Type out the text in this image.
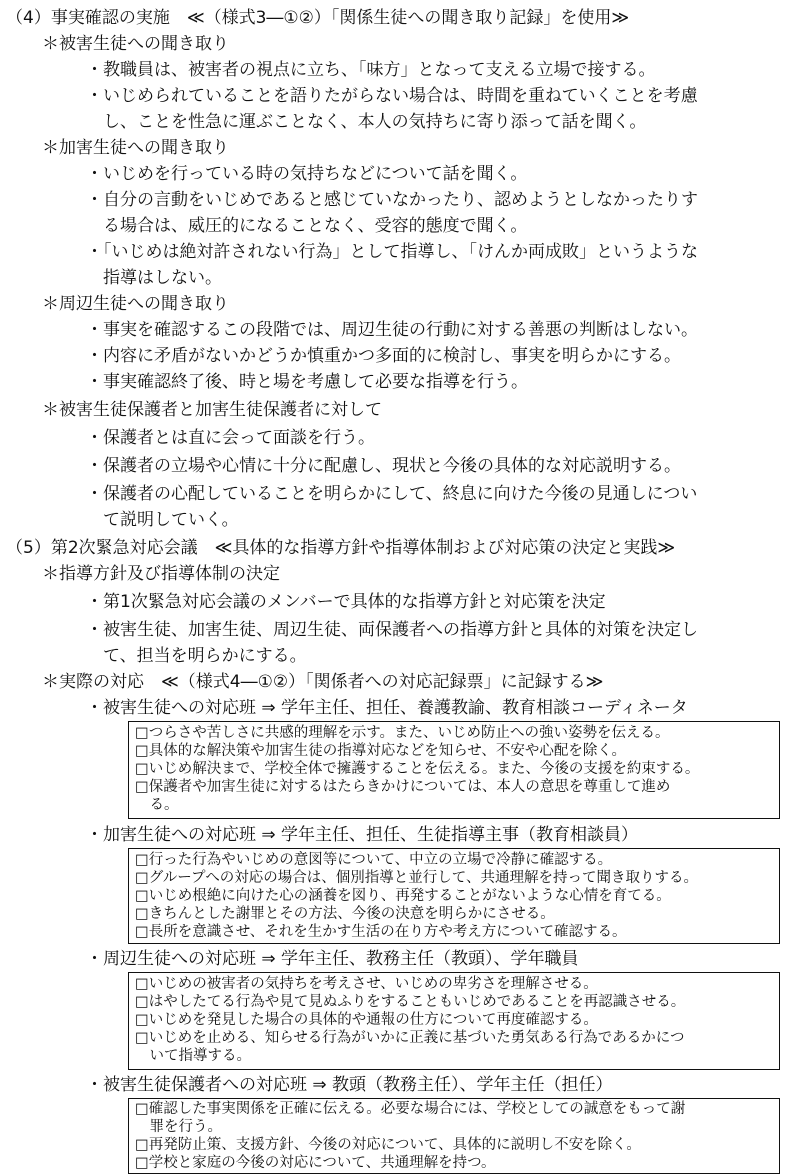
（4）事実確認の実施　≪（様式3―①②）「関係生徒への聞き取り記録」を使用≫
＊被害生徒への聞き取り
・教職員は、被害者の視点に立ち、「味方」となって支える立場で接する。
・いじめられていることを語りたがらない場合は、時間を重ねていくことを考慮
し、ことを性急に運ぶことなく、本人の気持ちに寄り添って話を聞く。
＊加害生徒への聞き取り
・いじめを行っている時の気持ちなどについて話を聞く。
・自分の言動をいじめであると感じていなかったり、認めようとしなかったりす
る場合は、威圧的になることなく、受容的態度で聞く。
・「いじめは絶対許されない行為」として指導し、「けんか両成敗」というような
指導はしない。
＊周辺生徒への聞き取り
・事実を確認するこの段階では、周辺生徒の行動に対する善悪の判断はしない。
・内容に矛盾がないかどうか慎重かつ多面的に検討し、事実を明らかにする。
・事実確認終了後、時と場を考慮して必要な指導を行う。
＊被害生徒保護者と加害生徒保護者に対して
・保護者とは直に会って面談を行う。
・保護者の立場や心情に十分に配慮し、現状と今後の具体的な対応説明する。
・保護者の心配していることを明らかにして、終息に向けた今後の見通しについ
て説明していく。
（5）第2次緊急対応会議　≪具体的な指導方針や指導体制および対応策の決定と実践≫
＊指導方針及び指導体制の決定
・第1次緊急対応会議のメンバーで具体的な指導方針と対応策を決定
・被害生徒、加害生徒、周辺生徒、両保護者への指導方針と具体的対策を決定し
て、担当を明らかにする。
＊実際の対応　≪（様式4―①②）「関係者への対応記録票」に記録する≫
・被害生徒への対応班 ⇒ 学年主任、担任、養護教諭、教育相談コーディネータ
□つらさや苦しさに共感的理解を示す。また、いじめ防止への強い姿勢を伝える。
□具体的な解決策や加害生徒の指導対応などを知らせ、不安や心配を除く。
□いじめ解決まで、学校全体で擁護することを伝える。また、今後の支援を約束する。
□保護者や加害生徒に対するはたらきかけについては、本人の意思を尊重して進め
　る。
・加害生徒への対応班 ⇒ 学年主任、担任、生徒指導主事（教育相談員）
□行った行為やいじめの意図等について、中立の立場で冷静に確認する。
□グループへの対応の場合は、個別指導と並行して、共通理解を持って聞き取りする。
□いじめ根絶に向けた心の涵養を図り、再発することがないような心情を育てる。
□きちんとした謝罪とその方法、今後の決意を明らかにさせる。
□長所を意識させ、それを生かす生活の在り方や考え方について確認する。
・周辺生徒への対応班 ⇒ 学年主任、教務主任（教頭）、学年職員
□いじめの被害者の気持ちを考えさせ、いじめの卑劣さを理解させる。
□はやしたてる行為や見て見ぬふりをすることもいじめであることを再認識させる。
□いじめを発見した場合の具体的や通報の仕方について再度確認する。
□いじめを止める、知らせる行為がいかに正義に基づいた勇気ある行為であるかにつ
　いて指導する。
・被害生徒保護者への対応班 ⇒ 教頭（教務主任）、学年主任（担任）
□確認した事実関係を正確に伝える。必要な場合には、学校としての誠意をもって謝
　罪を行う。
□再発防止策、支援方針、今後の対応について、具体的に説明し不安を除く。
□学校と家庭の今後の対応について、共通理解を持つ。
